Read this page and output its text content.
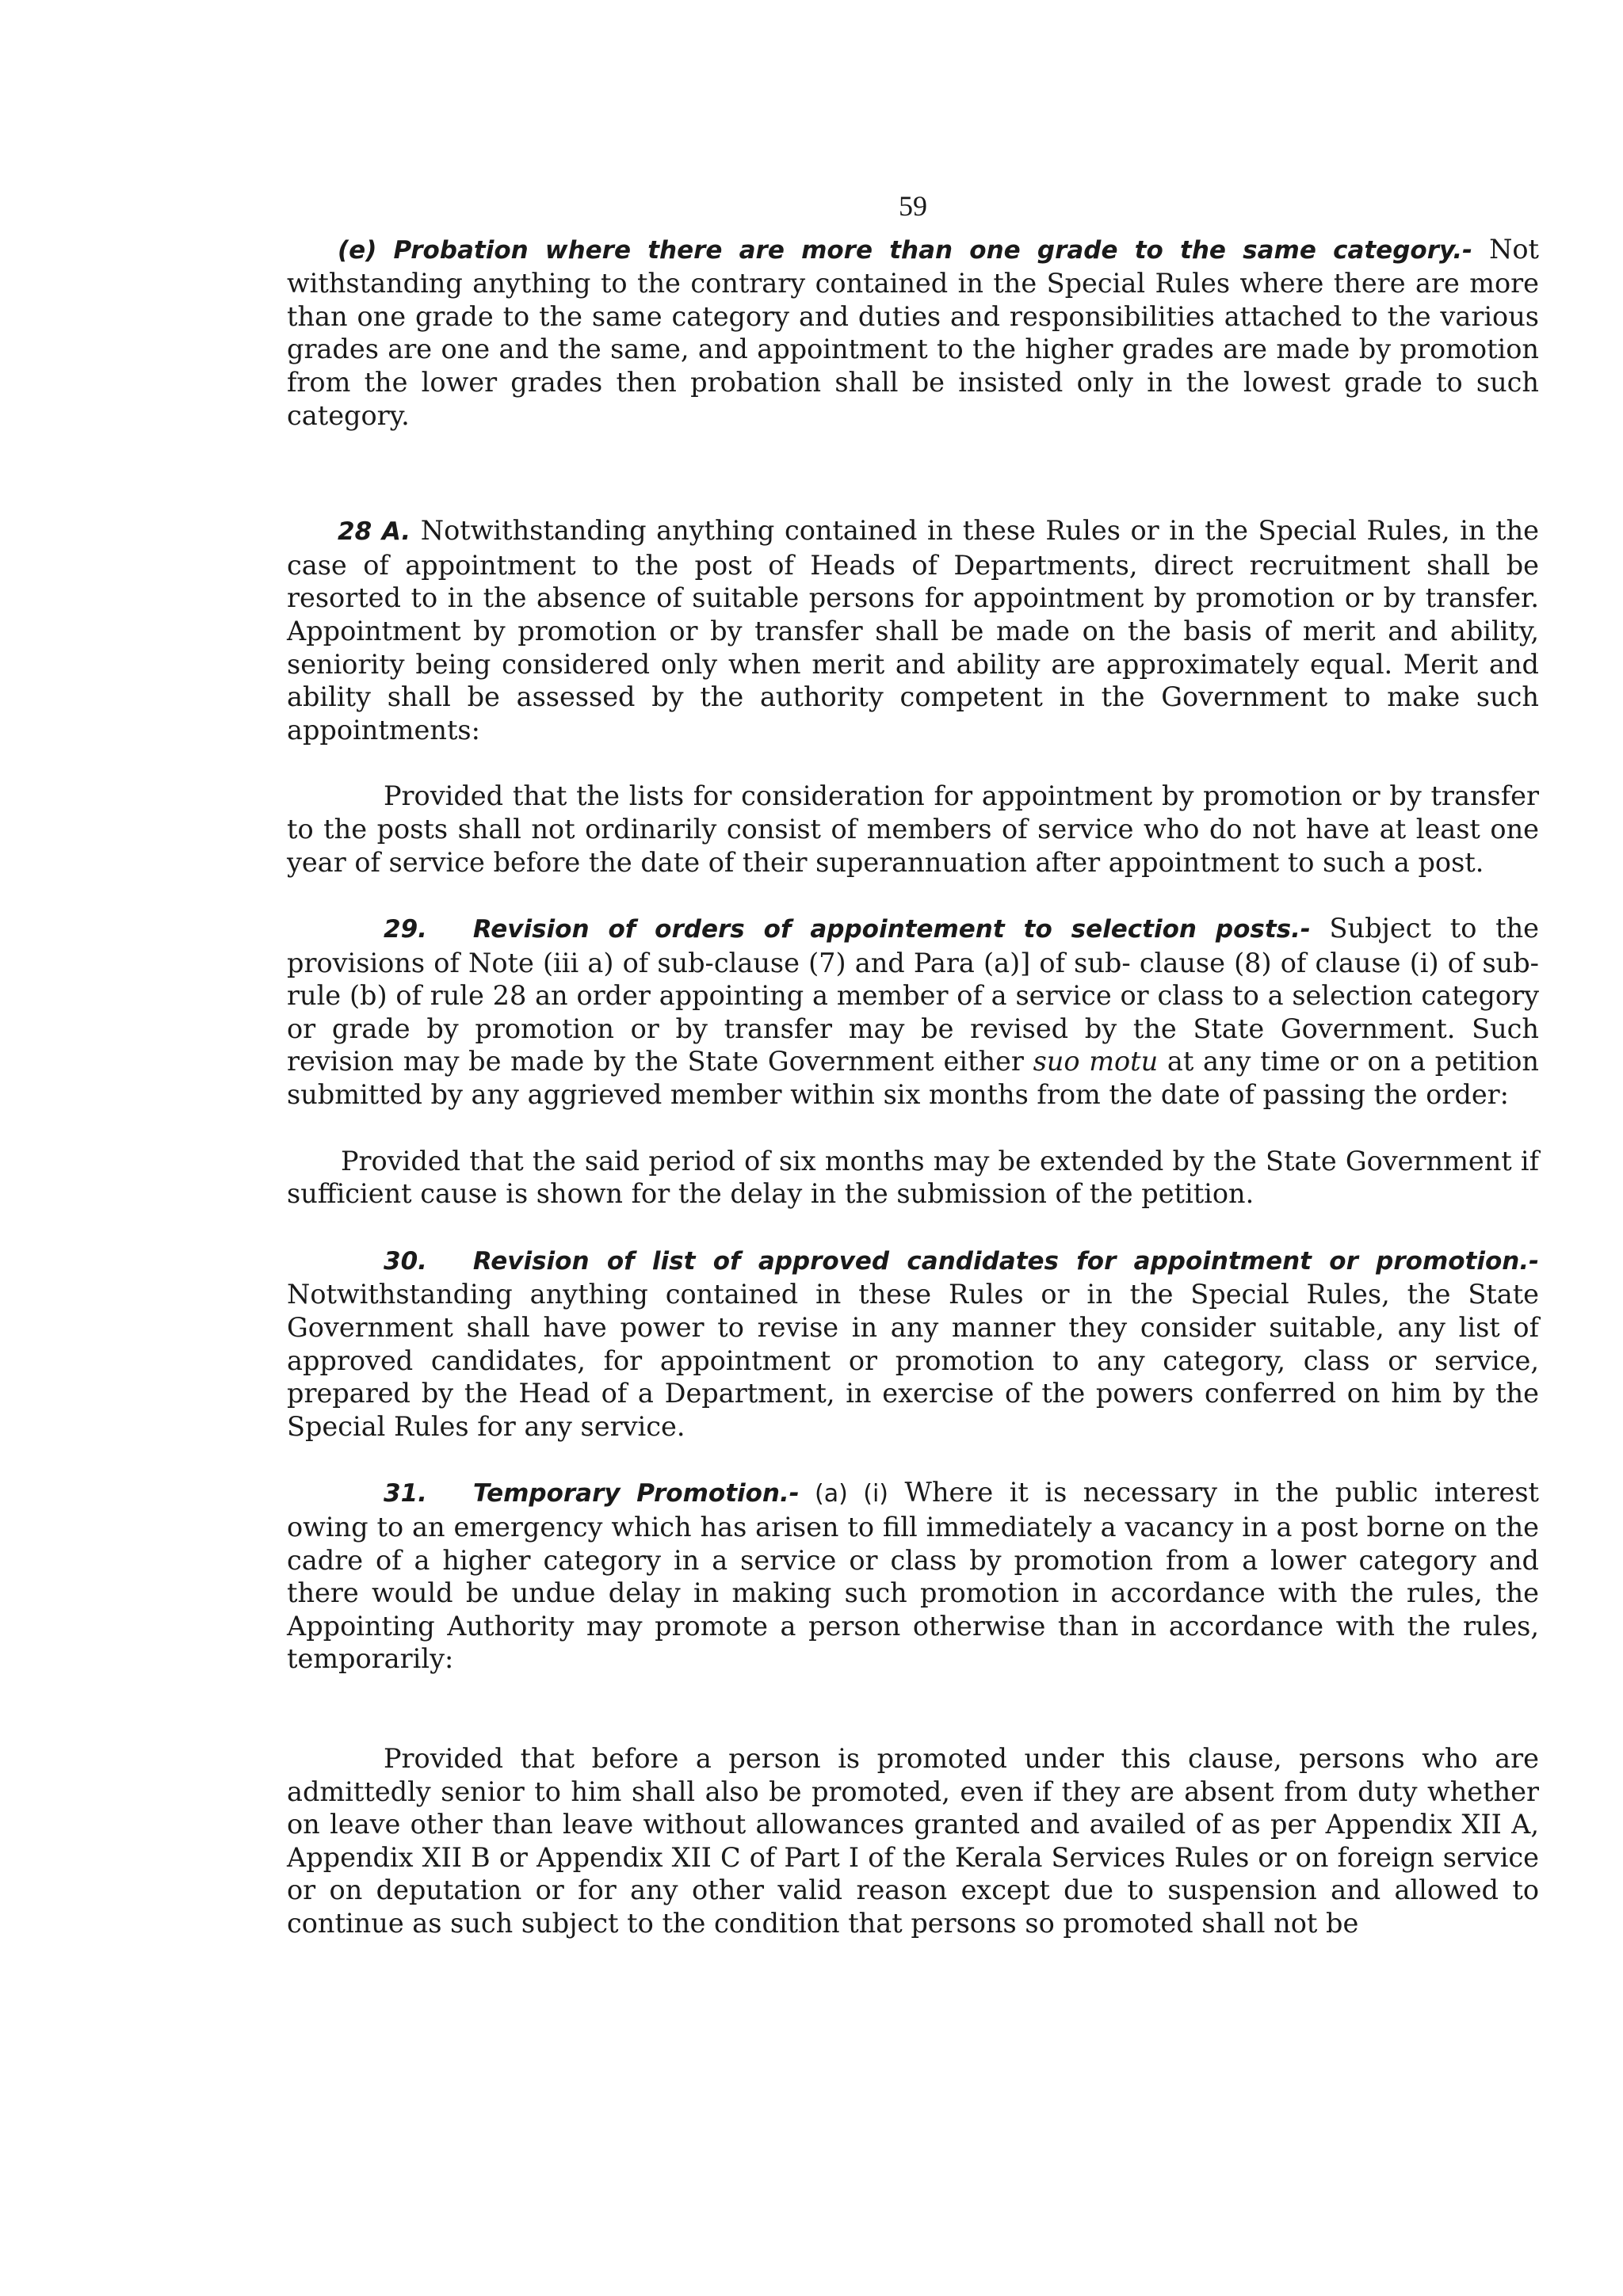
59

(e) Probation where there are more than one grade to the same category.- Not withstanding anything to the contrary contained in the Special Rules where there are more than one grade to the same category and duties and responsibilities attached to the various grades are one and the same, and appointment to the higher grades are made by promotion from the lower grades then probation shall be insisted only in the lowest grade to such category.

28 A. Notwithstanding anything contained in these Rules or in the Special Rules, in the case of appointment to the post of Heads of Departments, direct recruitment shall be resorted to in the absence of suitable persons for appointment by promotion or by transfer. Appointment by promotion or by transfer shall be made on the basis of merit and ability, seniority being considered only when merit and ability are approximately equal. Merit and ability shall be assessed by the authority competent in the Government to make such appointments:

Provided that the lists for consideration for appointment by promotion or by transfer to the posts shall not ordinarily consist of members of service who do not have at least one year of service before the date of their superannuation after appointment to such a post.

29. Revision of orders of appointement to selection posts.- Subject to the provisions of Note (iii a) of sub-clause (7) and Para (a)] of sub- clause (8) of clause (i) of sub-rule (b) of rule 28 an order appointing a member of a service or class to a selection category or grade by promotion or by transfer may be revised by the State Government. Such revision may be made by the State Government either suo motu at any time or on a petition submitted by any aggrieved member within six months from the date of passing the order:

Provided that the said period of six months may be extended by the State Government if sufficient cause is shown for the delay in the submission of the petition.

30. Revision of list of approved candidates for appointment or promotion.- Notwithstanding anything contained in these Rules or in the Special Rules, the State Government shall have power to revise in any manner they consider suitable, any list of approved candidates, for appointment or promotion to any category, class or service, prepared by the Head of a Department, in exercise of the powers conferred on him by the Special Rules for any service.

31. Temporary Promotion.- (a) (i) Where it is necessary in the public interest owing to an emergency which has arisen to fill immediately a vacancy in a post borne on the cadre of a higher category in a service or class by promotion from a lower category and there would be undue delay in making such promotion in accordance with the rules, the Appointing Authority may promote a person otherwise than in accordance with the rules, temporarily:

Provided that before a person is promoted under this clause, persons who are admittedly senior to him shall also be promoted, even if they are absent from duty whether on leave other than leave without allowances granted and availed of as per Appendix XII A, Appendix XII B or Appendix XII C of Part I of the Kerala Services Rules or on foreign service or on deputation or for any other valid reason except due to suspension and allowed to continue as such subject to the condition that persons so promoted shall not be
